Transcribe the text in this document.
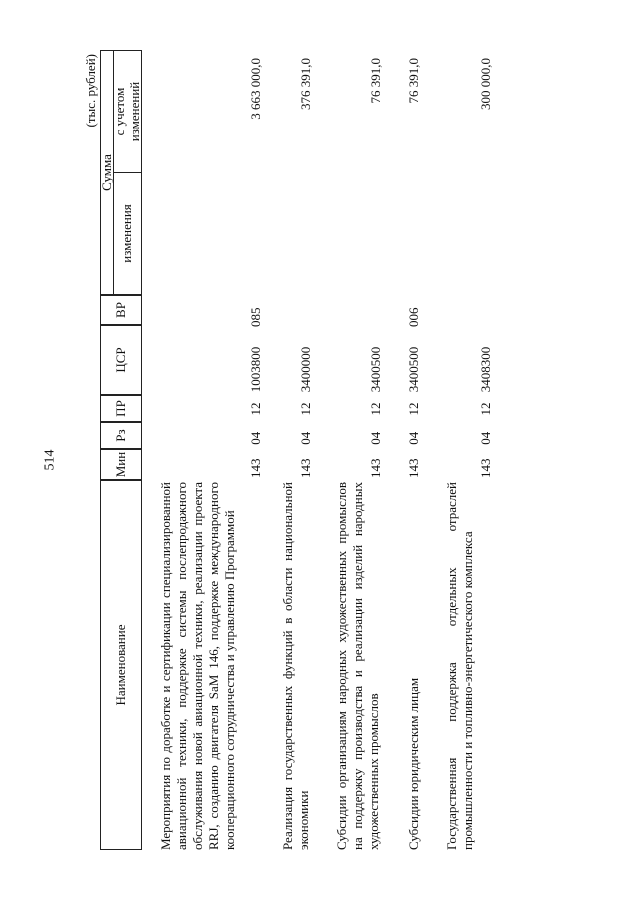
514
(тыс. рублей)
Наименование
Мин
Рз
ПР
ЦСР
ВР
Сумма
изменения
с учетом изменений
Мероприятия по доработке и сертификации специализированной авиационной техники, поддержке системы послепродажного обслуживания новой авиационной техники, реализации проекта RRJ, созданию двигателя SaM 146, поддержке международного кооперационного сотрудничества и управлению Программой
143 04 12 1003800 085
3 663 000,0
Реализация государственных функций в области национальной экономики
143 04 12 3400000
376 391,0
Субсидии организациям народных художественных промыслов на поддержку производства и реализации изделий народных художественных промыслов
143 04 12 3400500
76 391,0
Субсидии юридическим лицам
143 04 12 3400500 006
76 391,0
Государственная поддержка отдельных отраслей промышленности и топливно-энергетического комплекса
143 04 12 3408300
300 000,0
